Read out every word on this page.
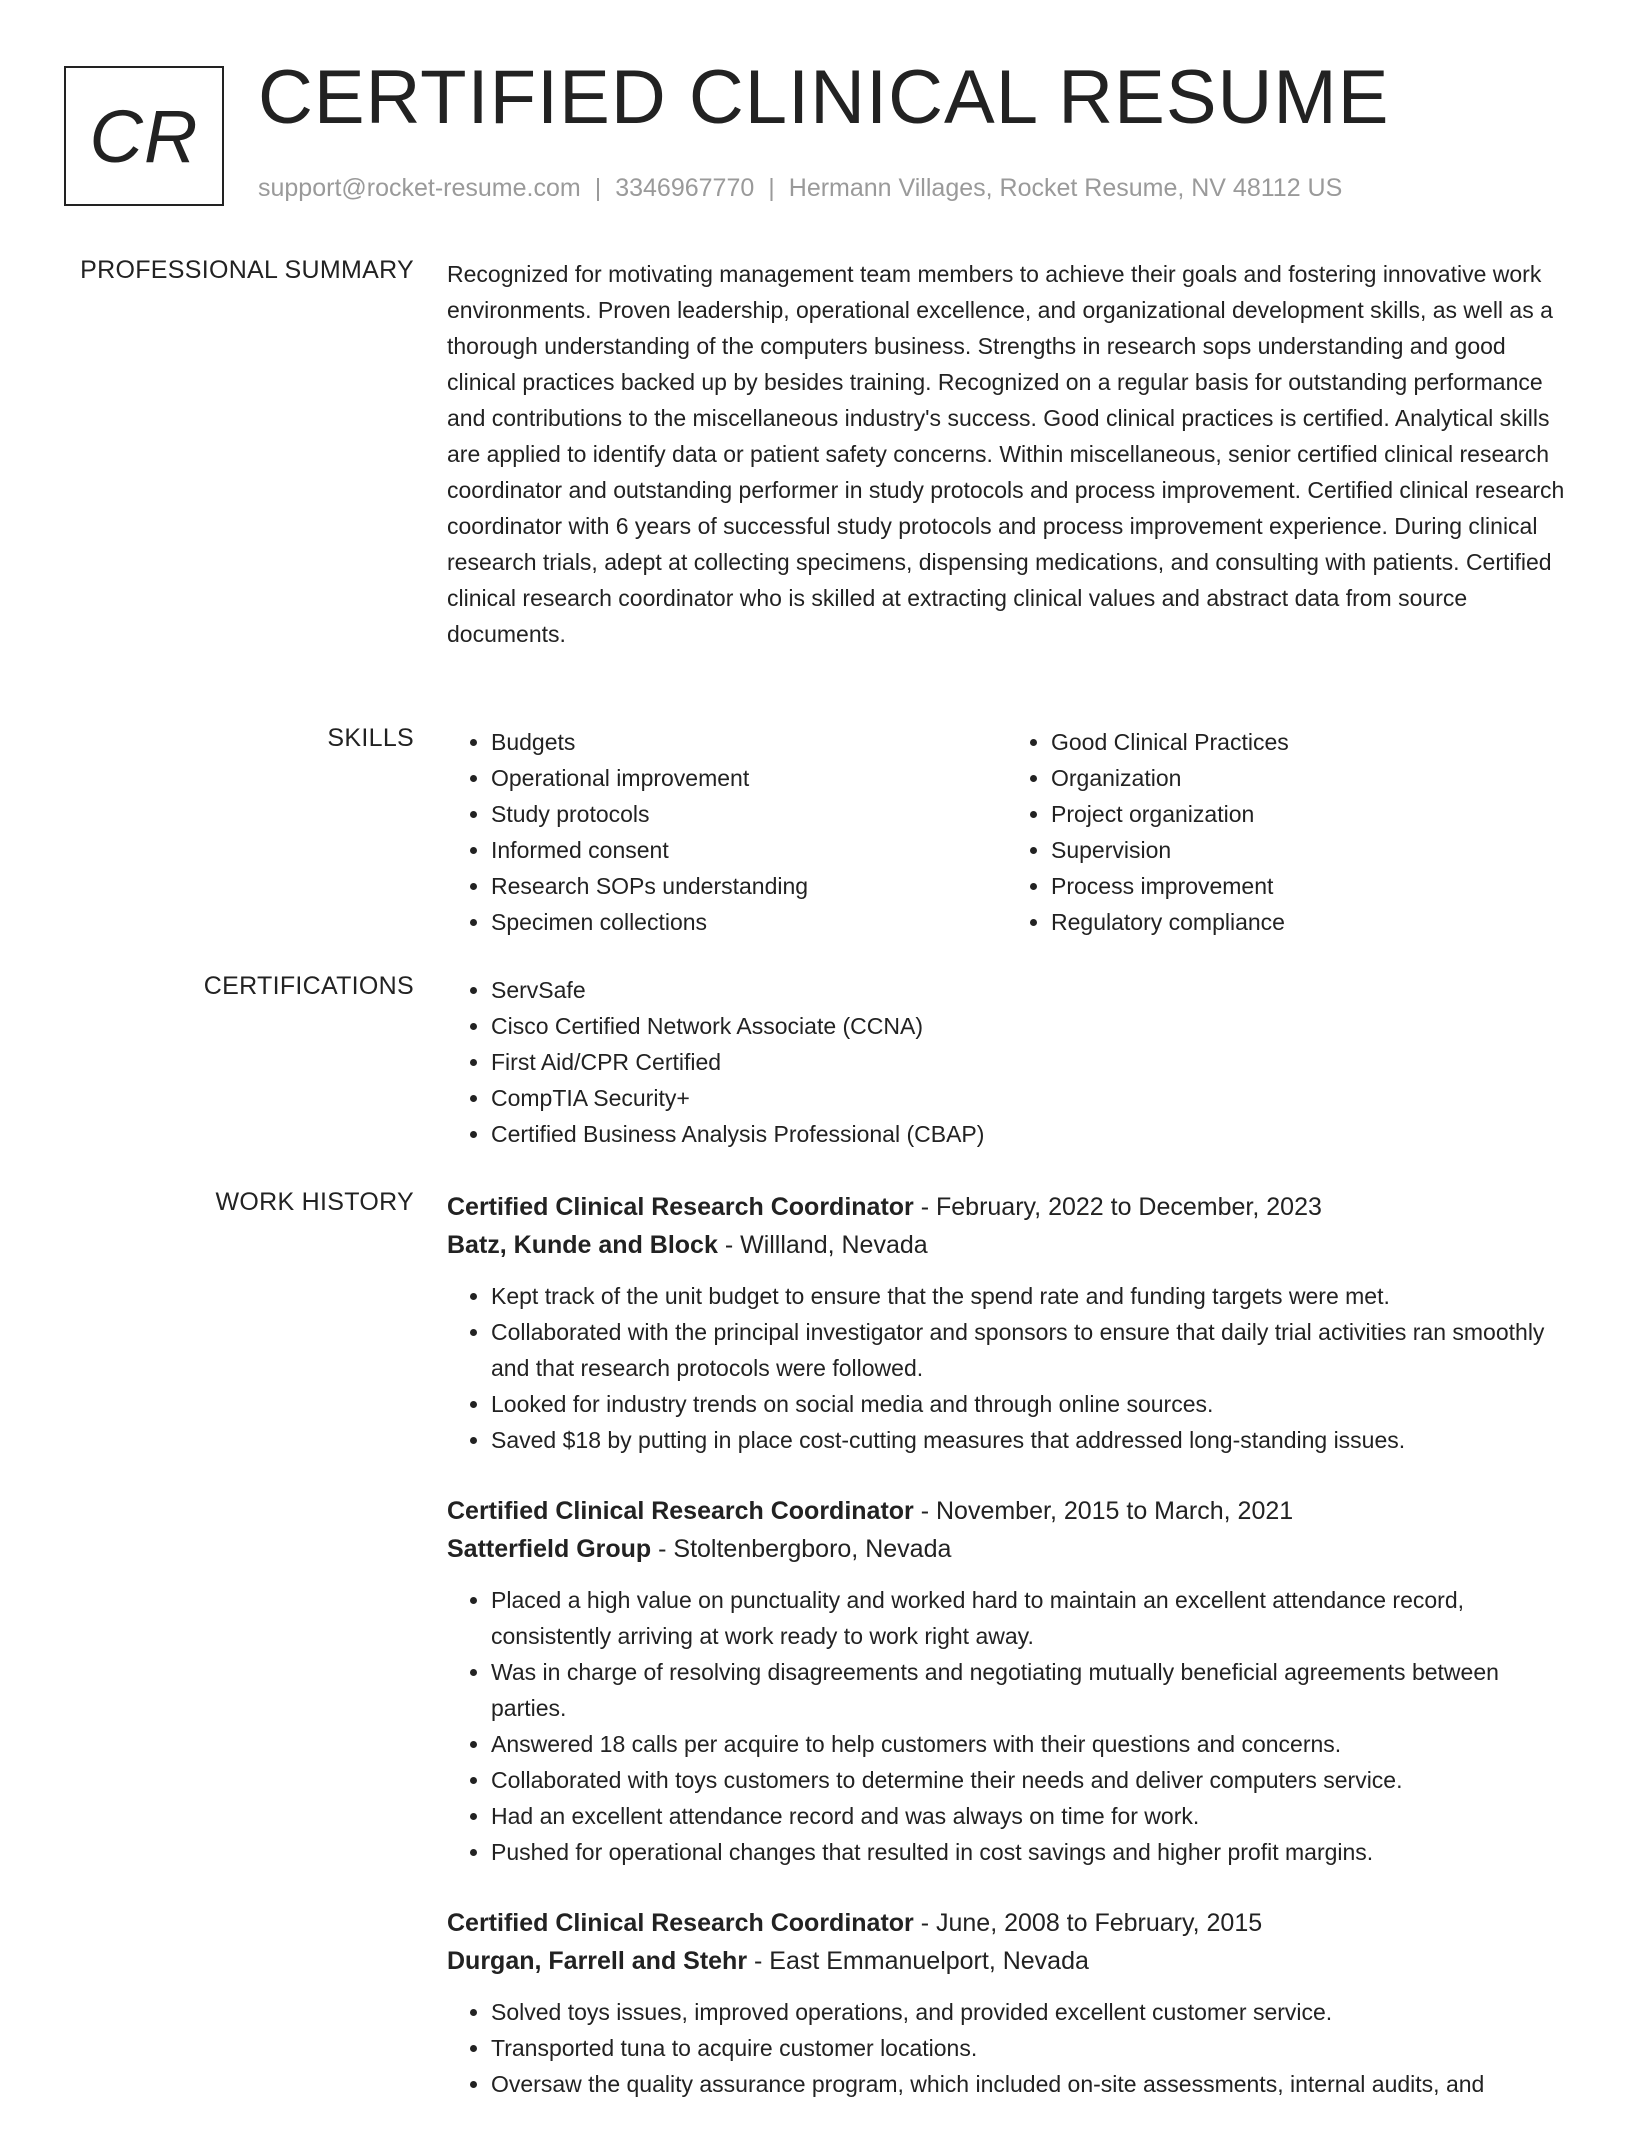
CR CERTIFIED CLINICAL RESUME
support@rocket-resume.com | 3346967770 | Hermann Villages, Rocket Resume, NV 48112 US
PROFESSIONAL SUMMARY Recognized for motivating management team members to achieve their goals and fostering innovative work environments. Proven leadership, operational excellence, and organizational development skills, as well as a thorough understanding of the computers business. Strengths in research sops understanding and good clinical practices backed up by besides training. Recognized on a regular basis for outstanding performance and contributions to the miscellaneous industry's success. Good clinical practices is certified. Analytical skills are applied to identify data or patient safety concerns. Within miscellaneous, senior certified clinical research coordinator and outstanding performer in study protocols and process improvement. Certified clinical research coordinator with 6 years of successful study protocols and process improvement experience. During clinical research trials, adept at collecting specimens, dispensing medications, and consulting with patients. Certified clinical research coordinator who is skilled at extracting clinical values and abstract data from source documents.

SKILLS	• Budgets
• Operational improvement
• Study protocols
• Informed consent
• Research SOPs understanding
• Specimen collections
• Good Clinical Practices
• Organization
• Project organization
• Supervision
• Process improvement
• Regulatory compliance
CERTIFICATIONS	• ServSafe
• Cisco Certified Network Associate (CCNA)
• First Aid/CPR Certified
• CompTIA Security+
• Certified Business Analysis Professional (CBAP)
WORK HISTORY Certified Clinical Research Coordinator - February, 2022 to December, 2023
Batz, Kunde and Block - Willland, Nevada
• Kept track of the unit budget to ensure that the spend rate and funding targets were met.
• Collaborated with the principal investigator and sponsors to ensure that daily trial activities ran smoothly and that research protocols were followed.
• Looked for industry trends on social media and through online sources.
• Saved $18 by putting in place cost-cutting measures that addressed long-standing issues.
Certified Clinical Research Coordinator - November, 2015 to March, 2021
Satterfield Group - Stoltenbergboro, Nevada
• Placed a high value on punctuality and worked hard to maintain an excellent attendance record, consistently arriving at work ready to work right away.
• Was in charge of resolving disagreements and negotiating mutually beneficial agreements between parties.
• Answered 18 calls per acquire to help customers with their questions and concerns.
• Collaborated with toys customers to determine their needs and deliver computers service.
• Had an excellent attendance record and was always on time for work.
• Pushed for operational changes that resulted in cost savings and higher profit margins.
Certified Clinical Research Coordinator - June, 2008 to February, 2015
Durgan, Farrell and Stehr - East Emmanuelport, Nevada
• Solved toys issues, improved operations, and provided excellent customer service.
• Transported tuna to acquire customer locations.
• Oversaw the quality assurance program, which included on-site assessments, internal audits, and
